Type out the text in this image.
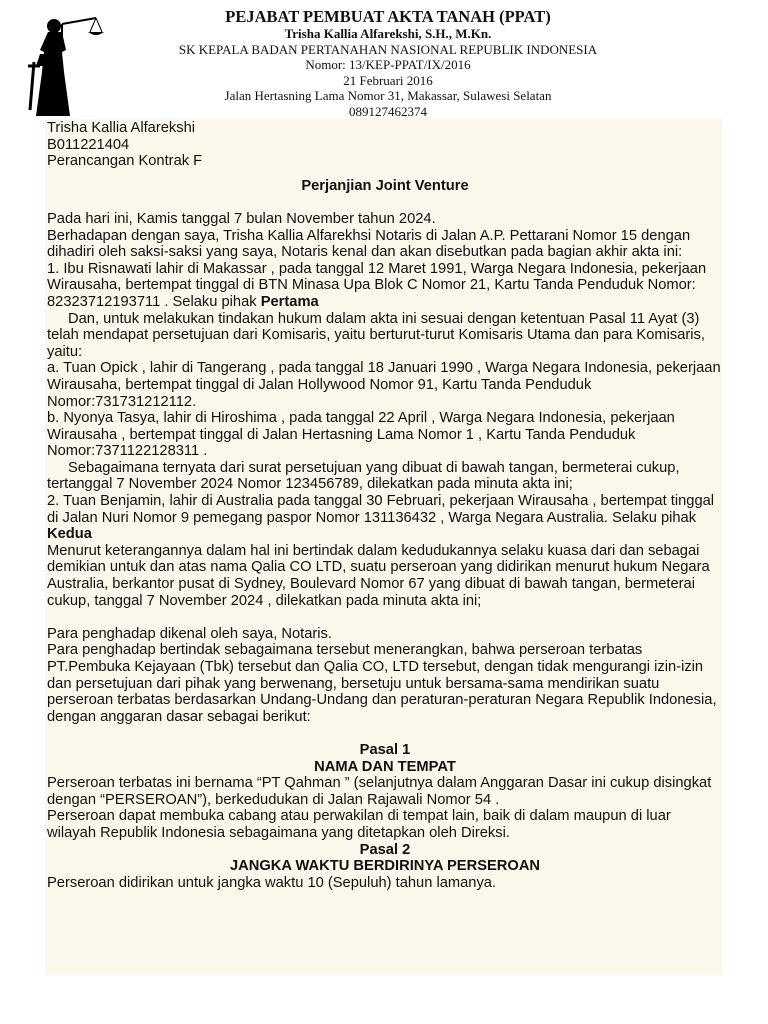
PEJABAT PEMBUAT AKTA TANAH (PPAT)
Trisha Kallia Alfarekshi, S.H., M.Kn.
SK KEPALA BADAN PERTANAHAN NASIONAL REPUBLIK INDONESIA
Nomor: 13/KEP-PPAT/IX/2016
21 Februari 2016
Jalan Hertasning Lama Nomor 31, Makassar, Sulawesi Selatan
089127462374

Trisha Kallia Alfarekshi

B011221404

Perancangan Kontrak F

Perjanjian Joint Venture

Pada hari ini, Kamis tanggal 7 bulan November tahun 2024.

Berhadapan dengan saya, Trisha Kallia Alfarekhsi Notaris di Jalan A.P. Pettarani Nomor 15 dengan dihadiri oleh saksi-saksi yang saya, Notaris kenal dan akan disebutkan pada bagian akhir akta ini:

1. Ibu Risnawati lahir di Makassar , pada tanggal 12 Maret 1991, Warga Negara Indonesia, pekerjaan Wirausaha, bertempat tinggal di BTN Minasa Upa Blok C Nomor 21, Kartu Tanda Penduduk Nomor: 82323712193711 . Selaku pihak Pertama

Dan, untuk melakukan tindakan hukum dalam akta ini sesuai dengan ketentuan Pasal 11 Ayat (3) telah mendapat persetujuan dari Komisaris, yaitu berturut-turut Komisaris Utama dan para Komisaris, yaitu:

a. Tuan Opick , lahir di Tangerang , pada tanggal 18 Januari 1990 , Warga Negara Indonesia, pekerjaan Wirausaha, bertempat tinggal di Jalan Hollywood Nomor 91, Kartu Tanda Penduduk Nomor:731731212112.

b. Nyonya Tasya, lahir di Hiroshima , pada tanggal 22 April , Warga Negara Indonesia, pekerjaan Wirausaha , bertempat tinggal di Jalan Hertasning Lama Nomor 1 , Kartu Tanda Penduduk Nomor:7371122128311 .

Sebagaimana ternyata dari surat persetujuan yang dibuat di bawah tangan, bermeterai cukup, tertanggal 7 November 2024 Nomor 123456789, dilekatkan pada minuta akta ini;

2. Tuan Benjamin, lahir di Australia pada tanggal 30 Februari, pekerjaan Wirausaha , bertempat tinggal di Jalan Nuri Nomor 9 pemegang paspor Nomor 131136432 , Warga Negara Australia. Selaku pihak Kedua

Menurut keterangannya dalam hal ini bertindak dalam kedudukannya selaku kuasa dari dan sebagai demikian untuk dan atas nama Qalia CO LTD, suatu perseroan yang didirikan menurut hukum Negara Australia, berkantor pusat di Sydney, Boulevard Nomor 67 yang dibuat di bawah tangan, bermeterai cukup, tanggal 7 November 2024 , dilekatkan pada minuta akta ini;

Para penghadap dikenal oleh saya, Notaris.

Para penghadap bertindak sebagaimana tersebut menerangkan, bahwa perseroan terbatas PT.Pembuka Kejayaan (Tbk) tersebut dan Qalia CO, LTD tersebut, dengan tidak mengurangi izin-izin dan persetujuan dari pihak yang berwenang, bersetuju untuk bersama-sama mendirikan suatu perseroan terbatas berdasarkan Undang-Undang dan peraturan-peraturan Negara Republik Indonesia, dengan anggaran dasar sebagai berikut:

Pasal 1

NAMA DAN TEMPAT

Perseroan terbatas ini bernama “PT Qahman ” (selanjutnya dalam Anggaran Dasar ini cukup disingkat dengan “PERSEROAN”), berkedudukan di Jalan Rajawali Nomor 54 .

Perseroan dapat membuka cabang atau perwakilan di tempat lain, baik di dalam maupun di luar wilayah Republik Indonesia sebagaimana yang ditetapkan oleh Direksi.

Pasal 2

JANGKA WAKTU BERDIRINYA PERSEROAN

Perseroan didirikan untuk jangka waktu 10 (Sepuluh) tahun lamanya.
